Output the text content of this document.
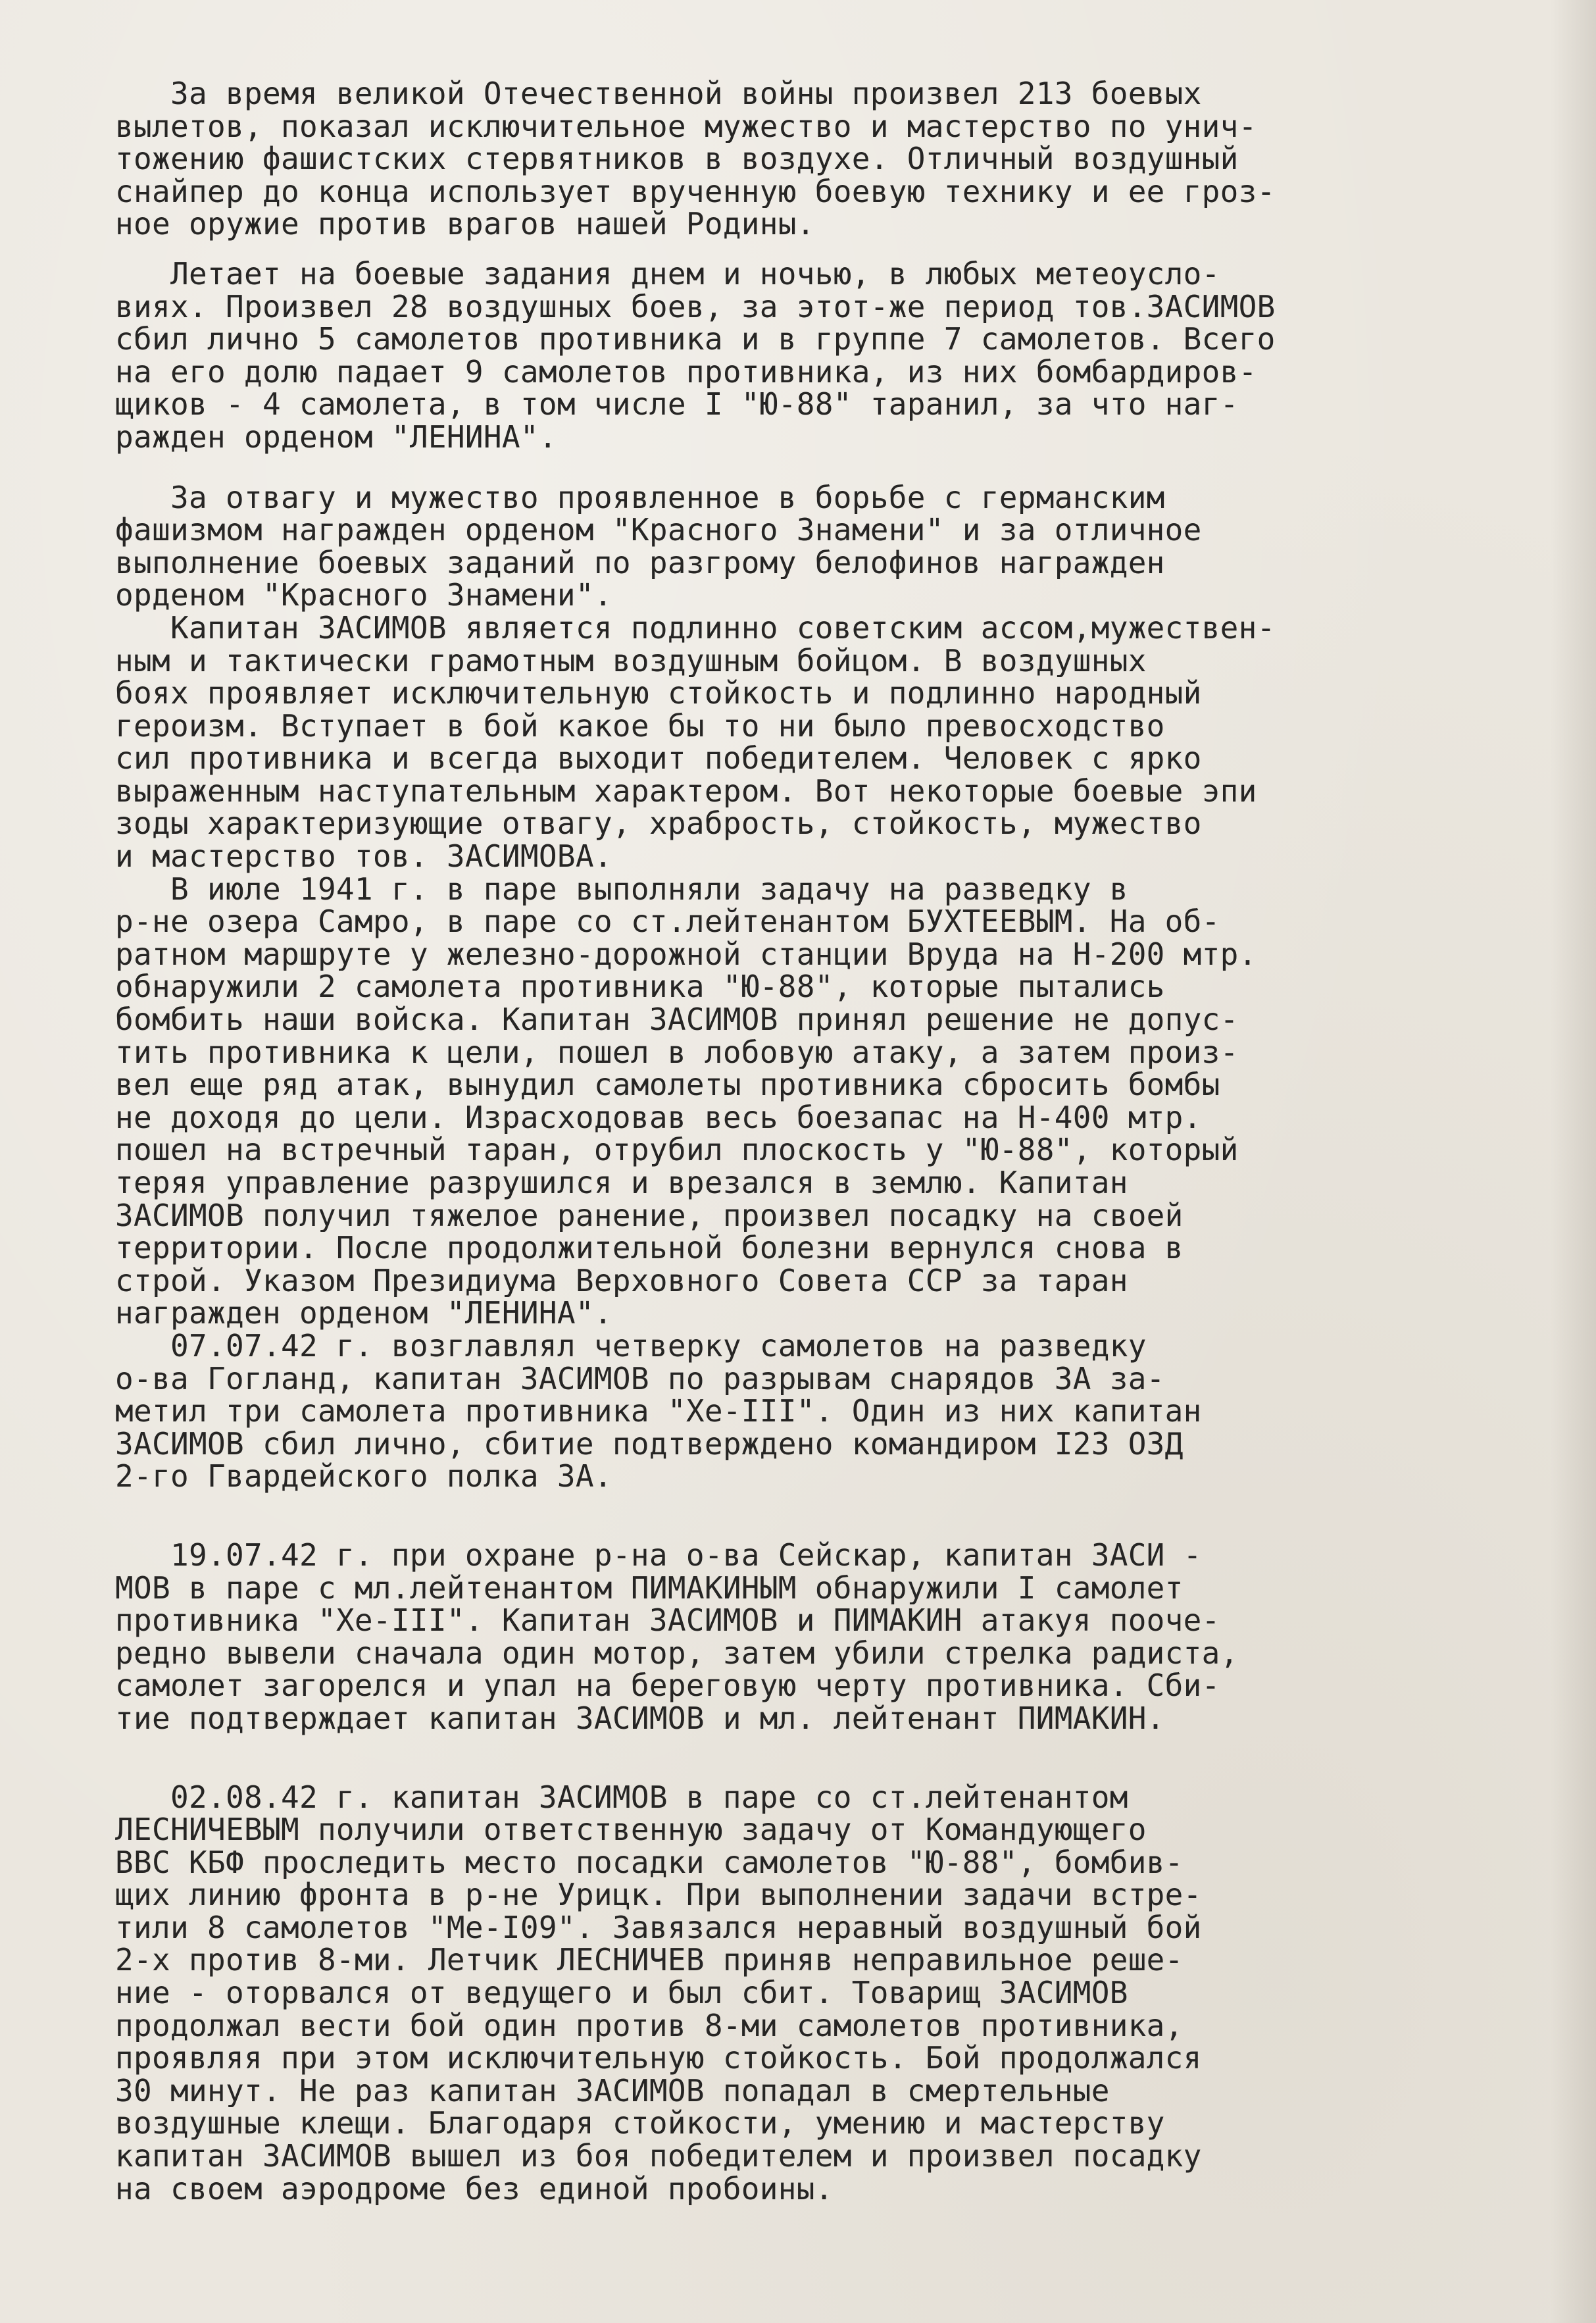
За время великой Отечественной войны произвел 213 боевых
вылетов, показал исключительное мужество и мастерство по унич-
тожению фашистских стервятников в воздухе. Отличный воздушный
снайпер до конца использует врученную боевую технику и ее гроз-
ное оружие против врагов нашей Родины.
Летает на боевые задания днем и ночью, в любых метеоусло-
виях. Произвел 28 воздушных боев, за этот-же период тов.ЗАСИМОВ
сбил лично 5 самолетов противника и в группе 7 самолетов. Всего
на его долю падает 9 самолетов противника, из них бомбардиров-
щиков - 4 самолета, в том числе I "Ю-88" таранил, за что наг-
ражден орденом "ЛЕНИНА".
За отвагу и мужество проявленное в борьбе с германским
фашизмом награжден орденом "Красного Знамени" и за отличное
выполнение боевых заданий по разгрому белофинов награжден
орденом "Красного Знамени".
Капитан ЗАСИМОВ является подлинно советским ассом,мужествен-
ным и тактически грамотным воздушным бойцом. В воздушных
боях проявляет исключительную стойкость и подлинно народный
героизм. Вступает в бой какое бы то ни было превосходство
сил противника и всегда выходит победителем. Человек с ярко
выраженным наступательным характером. Вот некоторые боевые эпи
зоды характеризующие отвагу, храбрость, стойкость, мужество
и мастерство тов. ЗАСИМОВА.
В июле 1941 г. в паре выполняли задачу на разведку в
р-не озера Самро, в паре со ст.лейтенантом БУХТЕЕВЫМ. На об-
ратном маршруте у железно-дорожной станции Вруда на Н-200 мтр.
обнаружили 2 самолета противника "Ю-88", которые пытались
бомбить наши войска. Капитан ЗАСИМОВ принял решение не допус-
тить противника к цели, пошел в лобовую атаку, а затем произ-
вел еще ряд атак, вынудил самолеты противника сбросить бомбы
не доходя до цели. Израсходовав весь боезапас на Н-400 мтр.
пошел на встречный таран, отрубил плоскость у "Ю-88", который
теряя управление разрушился и врезался в землю. Капитан
ЗАСИМОВ получил тяжелое ранение, произвел посадку на своей
территории. После продолжительной болезни вернулся снова в
строй. Указом Президиума Верховного Совета ССР за таран
награжден орденом "ЛЕНИНА".
07.07.42 г. возглавлял четверку самолетов на разведку
о-ва Гогланд, капитан ЗАСИМОВ по разрывам снарядов ЗА за-
метил три самолета противника "Хе-III". Один из них капитан
ЗАСИМОВ сбил лично, сбитие подтверждено командиром I23 ОЗД
2-го Гвардейского полка ЗА.
19.07.42 г. при охране р-на о-ва Сейскар, капитан ЗАСИ -
МОВ в паре с мл.лейтенантом ПИМАКИНЫМ обнаружили I самолет
противника "Хе-III". Капитан ЗАСИМОВ и ПИМАКИН атакуя пооче-
редно вывели сначала один мотор, затем убили стрелка радиста,
самолет загорелся и упал на береговую черту противника. Сби-
тие подтверждает капитан ЗАСИМОВ и мл. лейтенант ПИМАКИН.
02.08.42 г. капитан ЗАСИМОВ в паре со ст.лейтенантом
ЛЕСНИЧЕВЫМ получили ответственную задачу от Командующего
ВВС КБФ проследить место посадки самолетов "Ю-88", бомбив-
щих линию фронта в р-не Урицк. При выполнении задачи встре-
тили 8 самолетов "Ме-I09". Завязался неравный воздушный бой
2-х против 8-ми. Летчик ЛЕСНИЧЕВ приняв неправильное реше-
ние - оторвался от ведущего и был сбит. Товарищ ЗАСИМОВ
продолжал вести бой один против 8-ми самолетов противника,
проявляя при этом исключительную стойкость. Бой продолжался
30 минут. Не раз капитан ЗАСИМОВ попадал в смертельные
воздушные клещи. Благодаря стойкости, умению и мастерству
капитан ЗАСИМОВ вышел из боя победителем и произвел посадку
на своем аэродроме без единой пробоины.
